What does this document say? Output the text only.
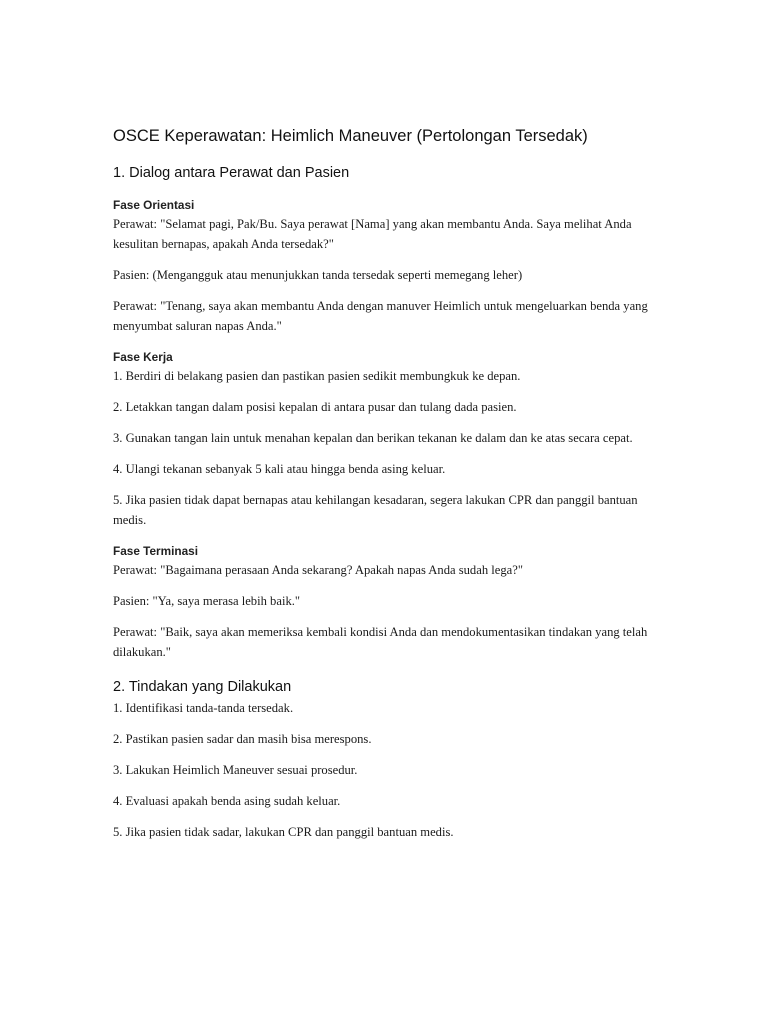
OSCE Keperawatan: Heimlich Maneuver (Pertolongan Tersedak)
1. Dialog antara Perawat dan Pasien
Fase Orientasi

Perawat: "Selamat pagi, Pak/Bu. Saya perawat [Nama] yang akan membantu Anda. Saya melihat Anda kesulitan bernapas, apakah Anda tersedak?"

Pasien: (Mengangguk atau menunjukkan tanda tersedak seperti memegang leher)

Perawat: "Tenang, saya akan membantu Anda dengan manuver Heimlich untuk mengeluarkan benda yang menyumbat saluran napas Anda."

Fase Kerja

1. Berdiri di belakang pasien dan pastikan pasien sedikit membungkuk ke depan.

2. Letakkan tangan dalam posisi kepalan di antara pusar dan tulang dada pasien.

3. Gunakan tangan lain untuk menahan kepalan dan berikan tekanan ke dalam dan ke atas secara cepat.

4. Ulangi tekanan sebanyak 5 kali atau hingga benda asing keluar.

5. Jika pasien tidak dapat bernapas atau kehilangan kesadaran, segera lakukan CPR dan panggil bantuan medis.

Fase Terminasi

Perawat: "Bagaimana perasaan Anda sekarang? Apakah napas Anda sudah lega?"

Pasien: "Ya, saya merasa lebih baik."

Perawat: "Baik, saya akan memeriksa kembali kondisi Anda dan mendokumentasikan tindakan yang telah dilakukan."

2. Tindakan yang Dilakukan

1. Identifikasi tanda-tanda tersedak.

2. Pastikan pasien sadar dan masih bisa merespons.

3. Lakukan Heimlich Maneuver sesuai prosedur.

4. Evaluasi apakah benda asing sudah keluar.

5. Jika pasien tidak sadar, lakukan CPR dan panggil bantuan medis.
